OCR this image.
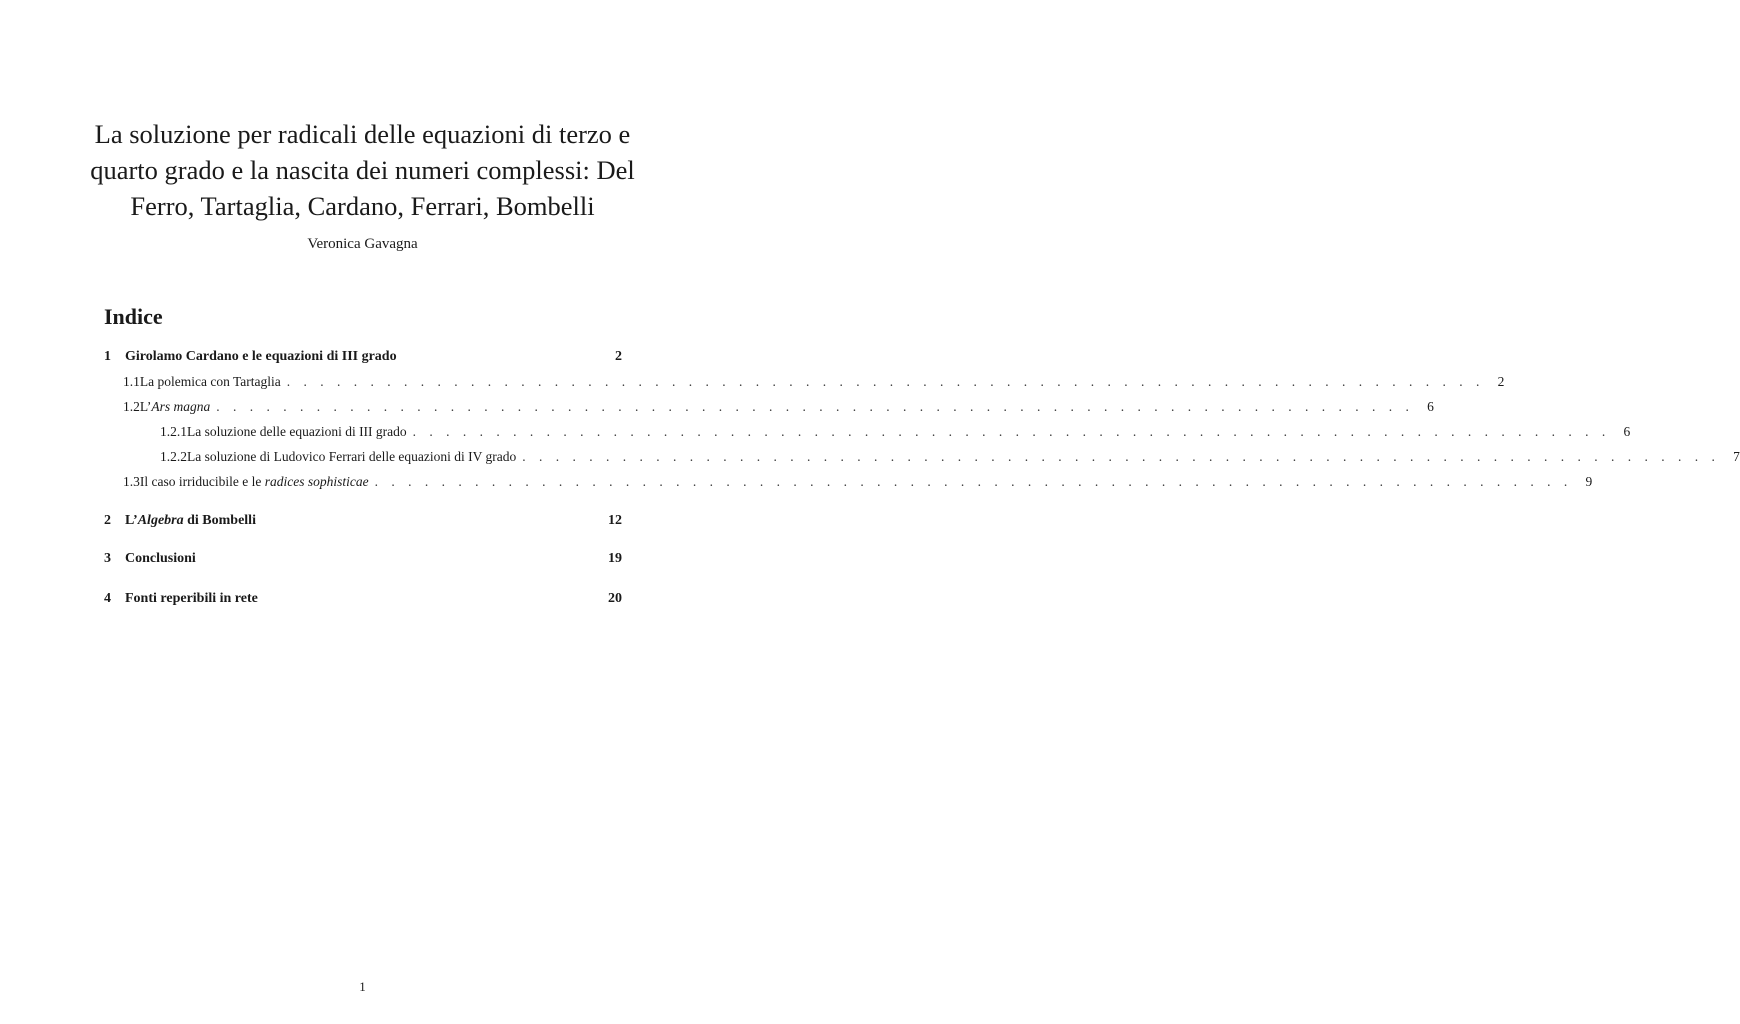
La soluzione per radicali delle equazioni di terzo e quarto grado e la nascita dei numeri complessi: Del Ferro, Tartaglia, Cardano, Ferrari, Bombelli
Veronica Gavagna
Indice
1	Girolamo Cardano e le equazioni di III grado	2
1.1 La polemica con Tartaglia . . . . . . . . . . . . . . . . . . . . . . . . . . . . . . . . . . . . . . . . . . . . . . . . . . . . . . . . . . . . . . . . . . . . . . . . 2
1.2 L’Ars magna . . . . . . . . . . . . . . . . . . . . . . . . . . . . . . . . . . . . . . . . . . . . . . . . . . . . . . . . . . . . . . . . . . . . . . . . 6
1.2.1 La soluzione delle equazioni di III grado . . . . . . . . . . . . . . . . . . . . . . . . . . . . . . . . . . . . . . . . . . . . . . . . . . . . . . . . . . . . . . . . . . . . . . . . 6
1.2.2 La soluzione di Ludovico Ferrari delle equazioni di IV grado . . . . . . . . . . . . . . . . . . . . . . . . . . . . . . . . . . . . . . . . . . . . . . . . . . . . . . . . . . . . . . . . . . . . . . . . 7
1.3 Il caso irriducibile e le radices sophisticae . . . . . . . . . . . . . . . . . . . . . . . . . . . . . . . . . . . . . . . . . . . . . . . . . . . . . . . . . . . . . . . . . . . . . . . . 9
2	L’Algebra di Bombelli	12
3	Conclusioni	19
4	Fonti reperibili in rete	20
1
